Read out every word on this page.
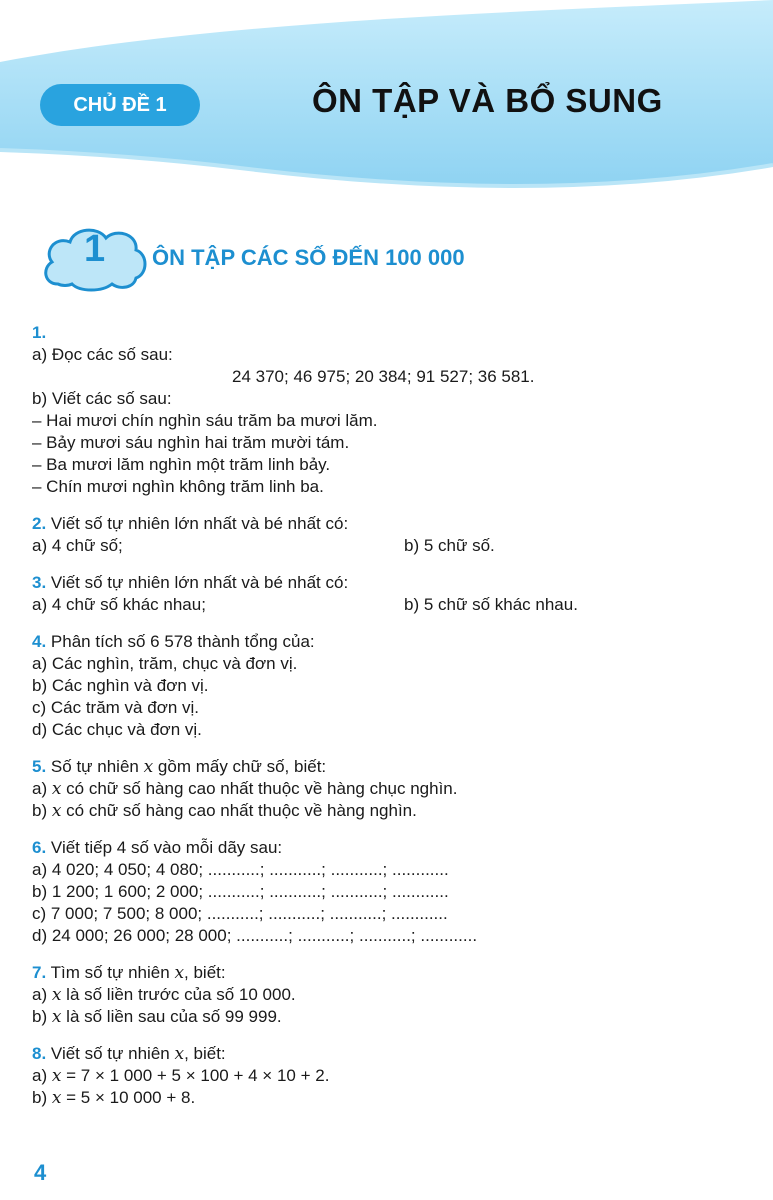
CHỦ ĐỀ 1	ÔN TẬP VÀ BỔ SUNG
1 ÔN TẬP CÁC SỐ ĐẾN 100 000
1.
a) Đọc các số sau:
24 370; 46 975; 20 384; 91 527; 36 581.
b) Viết các số sau:
– Hai mươi chín nghìn sáu trăm ba mươi lăm.
– Bảy mươi sáu nghìn hai trăm mười tám.
– Ba mươi lăm nghìn một trăm linh bảy.
– Chín mươi nghìn không trăm linh ba.
2. Viết số tự nhiên lớn nhất và bé nhất có:
a) 4 chữ số;	b) 5 chữ số.
3. Viết số tự nhiên lớn nhất và bé nhất có:
a) 4 chữ số khác nhau;	b) 5 chữ số khác nhau.
4. Phân tích số 6 578 thành tổng của:
a) Các nghìn, trăm, chục và đơn vị.
b) Các nghìn và đơn vị.
c) Các trăm và đơn vị.
d) Các chục và đơn vị.
5. Số tự nhiên x gồm mấy chữ số, biết:
a) x có chữ số hàng cao nhất thuộc về hàng chục nghìn.
b) x có chữ số hàng cao nhất thuộc về hàng nghìn.
6. Viết tiếp 4 số vào mỗi dãy sau:
a) 4 020; 4 050; 4 080; ...........; ...........; ...........; ............
b) 1 200; 1 600; 2 000; ...........; ...........; ...........; ............
c) 7 000; 7 500; 8 000; ...........; ...........; ...........; ............
d) 24 000; 26 000; 28 000; ...........; ...........; ...........; ............
7. Tìm số tự nhiên x, biết:
a) x là số liền trước của số 10 000.
b) x là số liền sau của số 99 999.
8. Viết số tự nhiên x, biết:
a) x = 7 × 1 000 + 5 × 100 + 4 × 10 + 2.
b) x = 5 × 10 000 + 8.
4
